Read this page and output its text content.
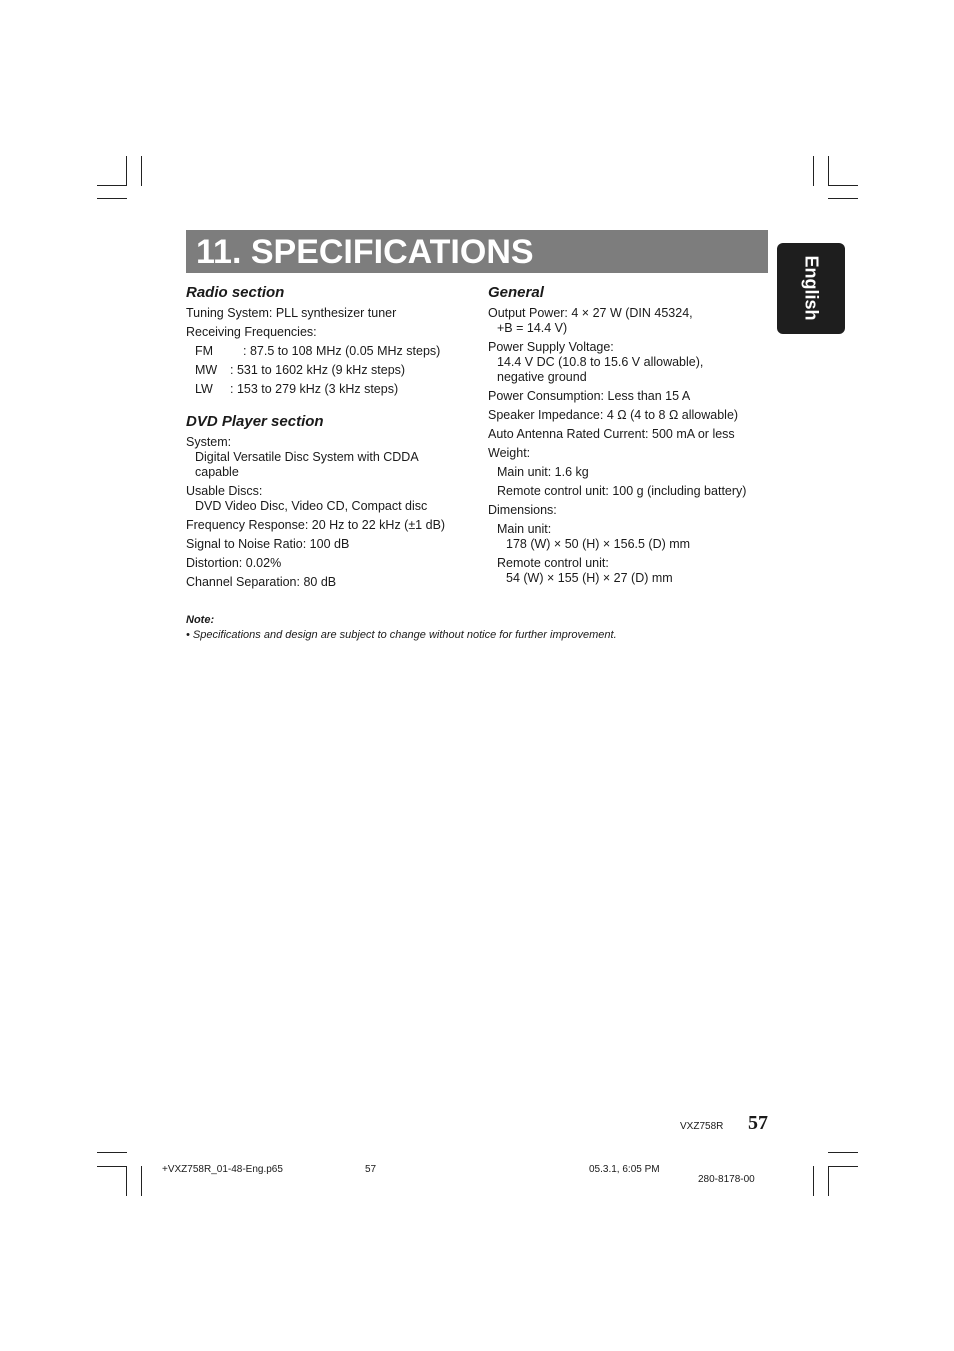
11. SPECIFICATIONS
English
Radio section
Tuning System: PLL synthesizer tuner
Receiving Frequencies:
FM : 87.5 to 108 MHz (0.05 MHz steps)
MW : 531 to 1602 kHz (9 kHz steps)
LW : 153 to 279 kHz (3 kHz steps)
DVD Player section
System:
Digital Versatile Disc System with CDDA
capable
Usable Discs:
DVD Video Disc, Video CD, Compact disc
Frequency Response: 20 Hz to 22 kHz (±1 dB)
Signal to Noise Ratio: 100 dB
Distortion: 0.02%
Channel Separation: 80 dB
General
Output Power: 4 × 27 W (DIN 45324,
+B = 14.4 V)
Power Supply Voltage:
14.4 V DC (10.8 to 15.6 V allowable),
negative ground
Power Consumption: Less than 15 A
Speaker Impedance: 4 Ω (4 to 8 Ω allowable)
Auto Antenna Rated Current: 500 mA or less
Weight:
Main unit: 1.6 kg
Remote control unit: 100 g (including battery)
Dimensions:
Main unit:
178 (W) × 50 (H) × 156.5 (D) mm
Remote control unit:
54 (W) × 155 (H) × 27 (D) mm
Note:
• Specifications and design are subject to change without notice for further improvement.
VXZ758R 57
+VXZ758R_01-48-Eng.p65	57	05.3.1, 6:05 PM
280-8178-00
